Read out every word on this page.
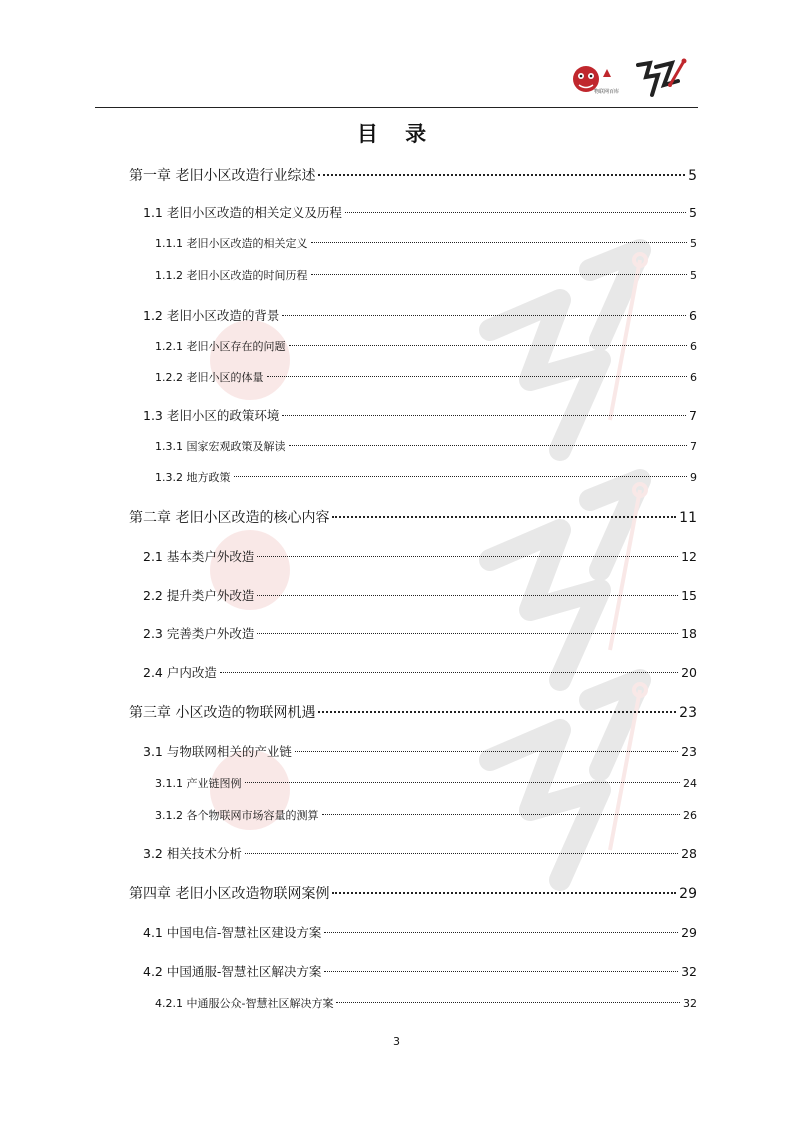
物联网百库
目 录
第一章 老旧小区改造行业综述	5
1.1 老旧小区改造的相关定义及历程	5
1.1.1 老旧小区改造的相关定义	5
1.1.2 老旧小区改造的时间历程	5
1.2 老旧小区改造的背景	6
1.2.1 老旧小区存在的问题	6
1.2.2 老旧小区的体量	6
1.3 老旧小区的政策环境	7
1.3.1 国家宏观政策及解读	7
1.3.2 地方政策	9
第二章 老旧小区改造的核心内容	11
2.1 基本类户外改造	12
2.2 提升类户外改造	15
2.3 完善类户外改造	18
2.4 户内改造	20
第三章 小区改造的物联网机遇	23
3.1 与物联网相关的产业链	23
3.1.1 产业链图例	24
3.1.2 各个物联网市场容量的测算	26
3.2 相关技术分析	28
第四章 老旧小区改造物联网案例	29
4.1 中国电信-智慧社区建设方案	29
4.2 中国通服-智慧社区解决方案	32
4.2.1 中通服公众-智慧社区解决方案	32
3
